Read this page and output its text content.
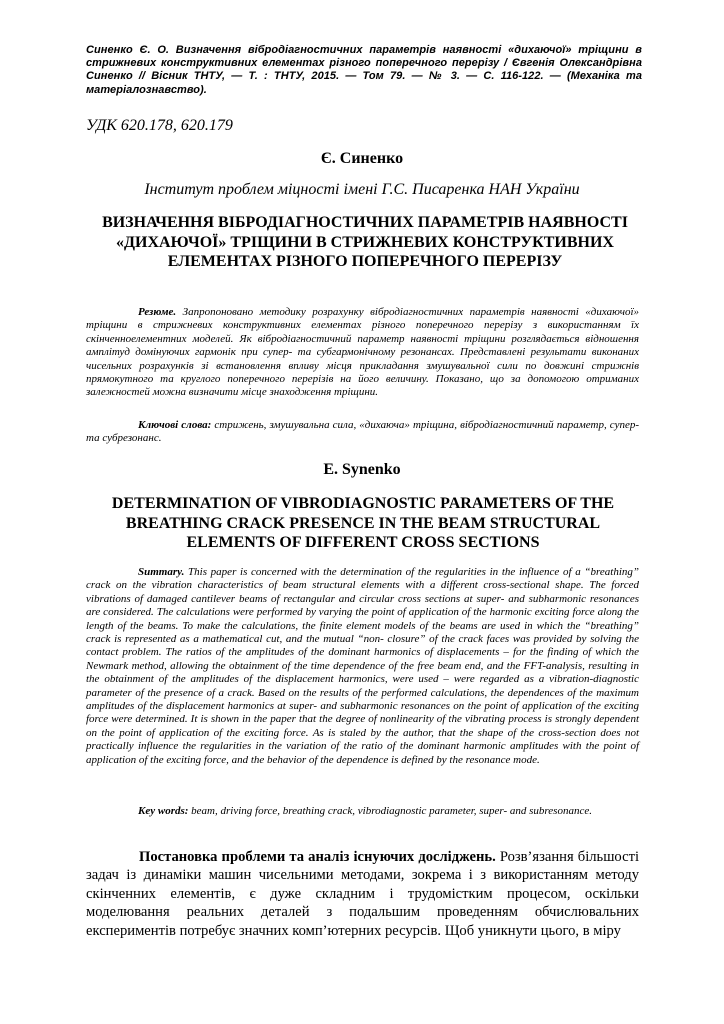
Синенко Є. О. Визначення вібродіагностичних параметрів наявності «дихаючої» тріщини в стрижневих конструктивних елементах різного поперечного перерізу / Євгенія Олександрівна Синенко // Вісник ТНТУ, — Т. : ТНТУ, 2015. — Том 79. — № 3. — С. 116-122. — (Механіка та матеріалознавство).
УДК 620.178, 620.179
Є. Синенко
Інститут проблем міцності імені Г.С. Писаренка НАН України
ВИЗНАЧЕННЯ ВІБРОДІАГНОСТИЧНИХ ПАРАМЕТРІВ НАЯВНОСТІ «ДИХАЮЧОЇ» ТРІЩИНИ В СТРИЖНЕВИХ КОНСТРУКТИВНИХ ЕЛЕМЕНТАХ РІЗНОГО ПОПЕРЕЧНОГО ПЕРЕРІЗУ
Резюме. Запропоновано методику розрахунку вібродіагностичних параметрів наявності «дихаючої» тріщини в стрижневих конструктивних елементах різного поперечного перерізу з використанням їх скінченноелементних моделей. Як вібродіагностичний параметр наявності тріщини розглядається відношення амплітуд домінуючих гармонік при супер- та субгармонічному резонансах. Представлені результати виконаних чисельних розрахунків зі встановлення впливу місця прикладання змушувальної сили по довжині стрижнів прямокутного та круглого поперечного перерізів на його величину. Показано, що за допомогою отриманих залежностей можна визначити місце знаходження тріщини.
Ключові слова: стрижень, змушувальна сила, «дихаюча» тріщина, вібродіагностичний параметр, супер- та субрезонанс.
E. Synenko
DETERMINATION OF VIBRODIAGNOSTIC PARAMETERS OF THE BREATHING CRACK PRESENCE IN THE BEAM STRUCTURAL ELEMENTS OF DIFFERENT CROSS SECTIONS
Summary. This paper is concerned with the determination of the regularities in the influence of a “breathing” crack on the vibration characteristics of beam structural elements with a different cross-sectional shape. The forced vibrations of damaged cantilever beams of rectangular and circular cross sections at super- and subharmonic resonances are considered. The calculations were performed by varying the point of application of the harmonic exciting force along the length of the beams. To make the calculations, the finite element models of the beams are used in which the “breathing” crack is represented as a mathematical cut, and the mutual “non- closure” of the crack faces was provided by solving the contact problem. The ratios of the amplitudes of the dominant harmonics of displacements – for the finding of which the Newmark method, allowing the obtainment of the time dependence of the free beam end, and the FFT-analysis, resulting in the obtainment of the amplitudes of the displacement harmonics, were used – were regarded as a vibration-diagnostic parameter of the presence of a crack. Based on the results of the performed calculations, the dependences of the maximum amplitudes of the displacement harmonics at super- and subharmonic resonances on the point of application of the exciting force were determined. It is shown in the paper that the degree of nonlinearity of the vibrating process is strongly dependent on the point of application of the exciting force. As is staled by the author, that the shape of the cross-section does not practically influence the regularities in the variation of the ratio of the dominant harmonic amplitudes with the point of application of the exciting force, and the behavior of the dependence is defined by the resonance mode.
Key words: beam, driving force, breathing crack, vibrodiagnostic parameter, super- and subresonance.
Постановка проблеми та аналіз існуючих досліджень. Розв’язання більшості задач із динаміки машин чисельними методами, зокрема і з використанням методу скінченних елементів, є дуже складним і трудомістким процесом, оскільки моделювання реальних деталей з подальшим проведенням обчислювальних експериментів потребує значних комп’ютерних ресурсів. Щоб уникнути цього, в міру
